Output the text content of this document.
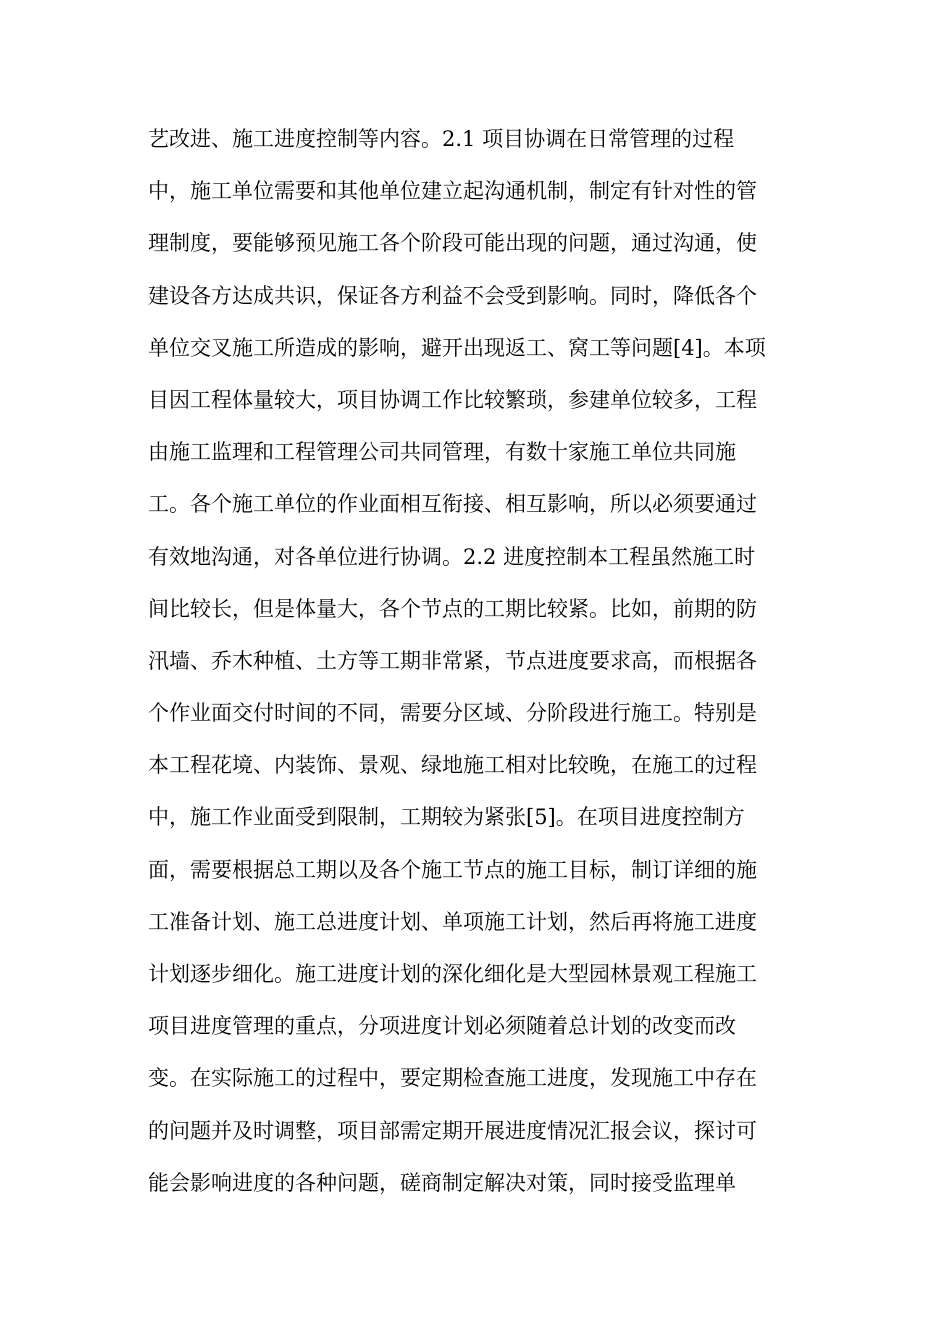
艺改进、施工进度控制等内容。2.1 项目协调在日常管理的过程
中，施工单位需要和其他单位建立起沟通机制，制定有针对性的管
理制度，要能够预见施工各个阶段可能出现的问题，通过沟通，使
建设各方达成共识，保证各方利益不会受到影响。同时，降低各个
单位交叉施工所造成的影响，避开出现返工、窝工等问题[4]。本项
目因工程体量较大，项目协调工作比较繁琐，参建单位较多，工程
由施工监理和工程管理公司共同管理，有数十家施工单位共同施
工。各个施工单位的作业面相互衔接、相互影响，所以必须要通过
有效地沟通，对各单位进行协调。2.2 进度控制本工程虽然施工时
间比较长，但是体量大，各个节点的工期比较紧。比如，前期的防
汛墙、乔木种植、土方等工期非常紧，节点进度要求高，而根据各
个作业面交付时间的不同，需要分区域、分阶段进行施工。特别是
本工程花境、内装饰、景观、绿地施工相对比较晚，在施工的过程
中，施工作业面受到限制，工期较为紧张[5]。在项目进度控制方
面，需要根据总工期以及各个施工节点的施工目标，制订详细的施
工准备计划、施工总进度计划、单项施工计划，然后再将施工进度
计划逐步细化。施工进度计划的深化细化是大型园林景观工程施工
项目进度管理的重点，分项进度计划必须随着总计划的改变而改
变。在实际施工的过程中，要定期检查施工进度，发现施工中存在
的问题并及时调整，项目部需定期开展进度情况汇报会议，探讨可
能会影响进度的各种问题，磋商制定解决对策，同时接受监理单
